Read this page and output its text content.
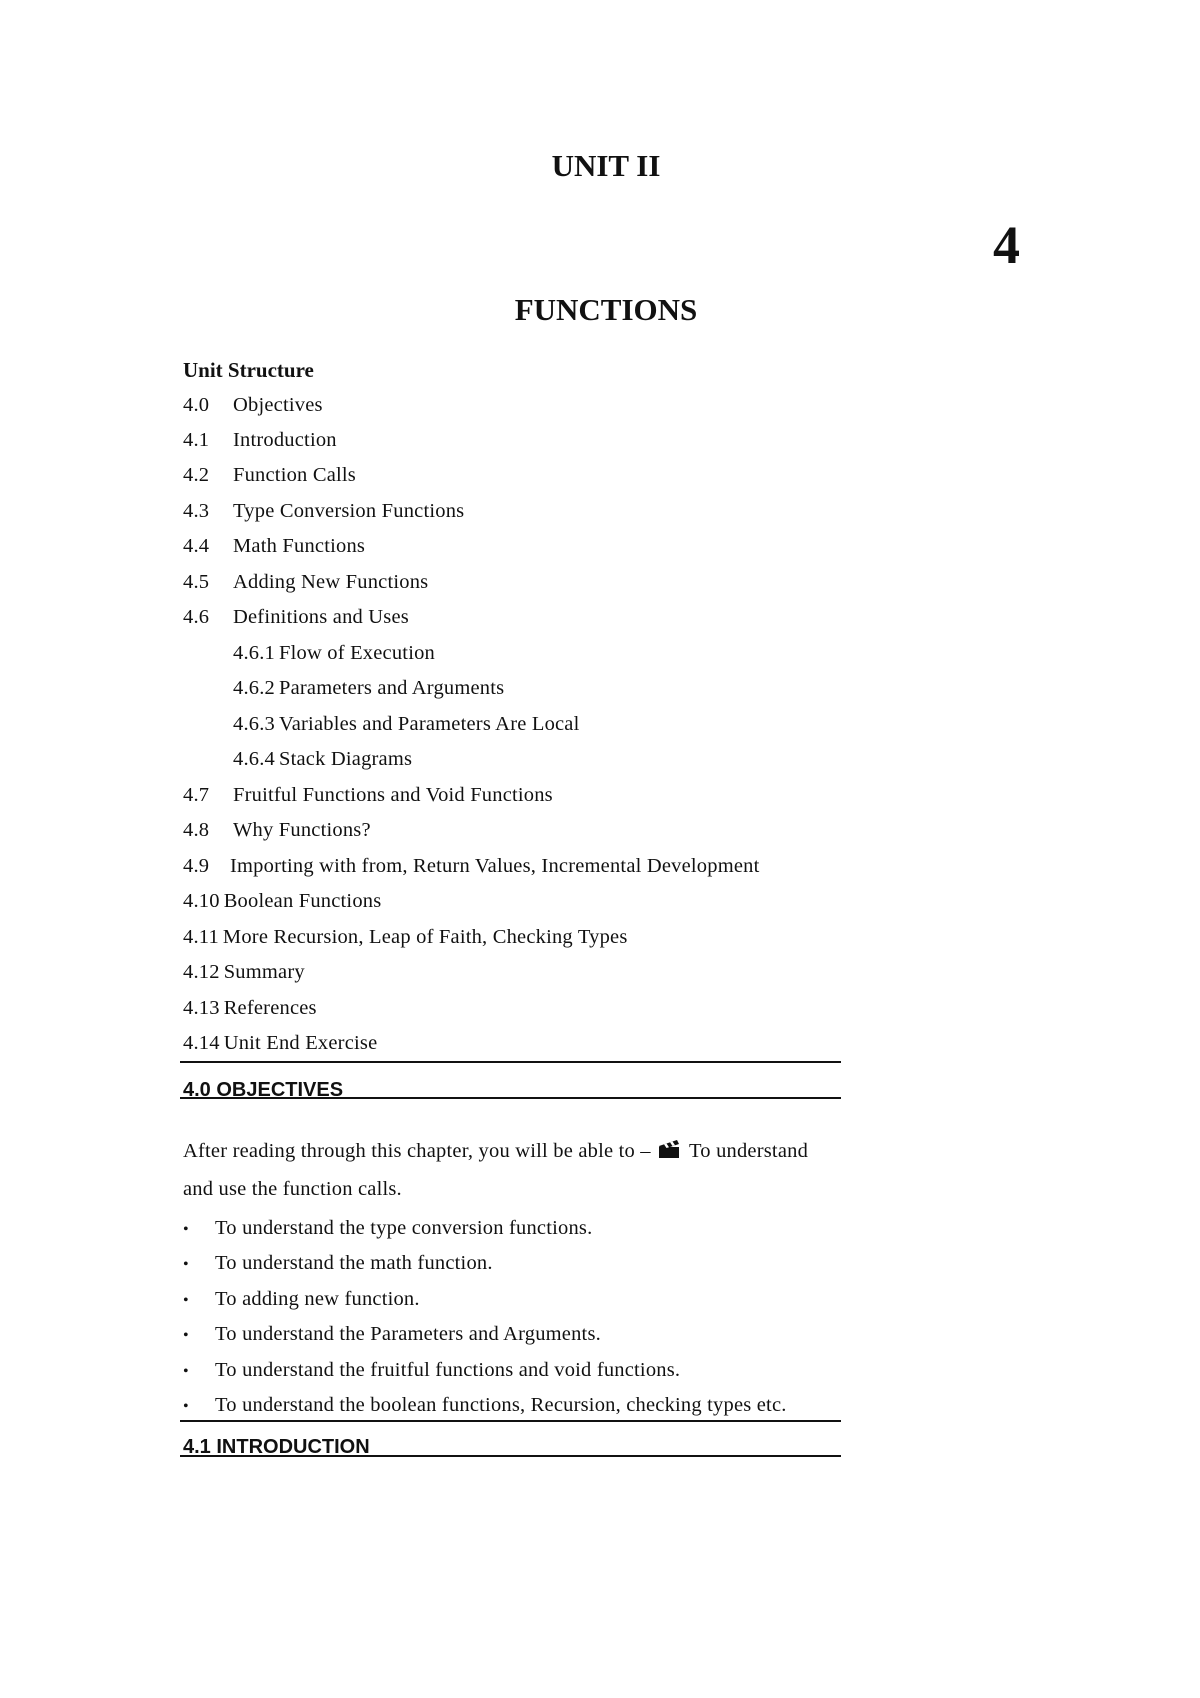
UNIT II
4
FUNCTIONS
Unit Structure
4.0 Objectives
4.1 Introduction
4.2 Function Calls
4.3 Type Conversion Functions
4.4 Math Functions
4.5 Adding New Functions
4.6 Definitions and Uses
4.6.1 Flow of Execution
4.6.2 Parameters and Arguments
4.6.3 Variables and Parameters Are Local
4.6.4 Stack Diagrams
4.7 Fruitful Functions and Void Functions
4.8 Why Functions?
4.9 Importing with from, Return Values, Incremental Development
4.10 Boolean Functions
4.11 More Recursion, Leap of Faith, Checking Types
4.12 Summary
4.13 References
4.14 Unit End Exercise
4.0 OBJECTIVES
After reading through this chapter, you will be able to – To understand
and use the function calls.
• To understand the type conversion functions.
• To understand the math function.
• To adding new function.
• To understand the Parameters and Arguments.
• To understand the fruitful functions and void functions.
• To understand the boolean functions, Recursion, checking types etc.
4.1 INTRODUCTION
